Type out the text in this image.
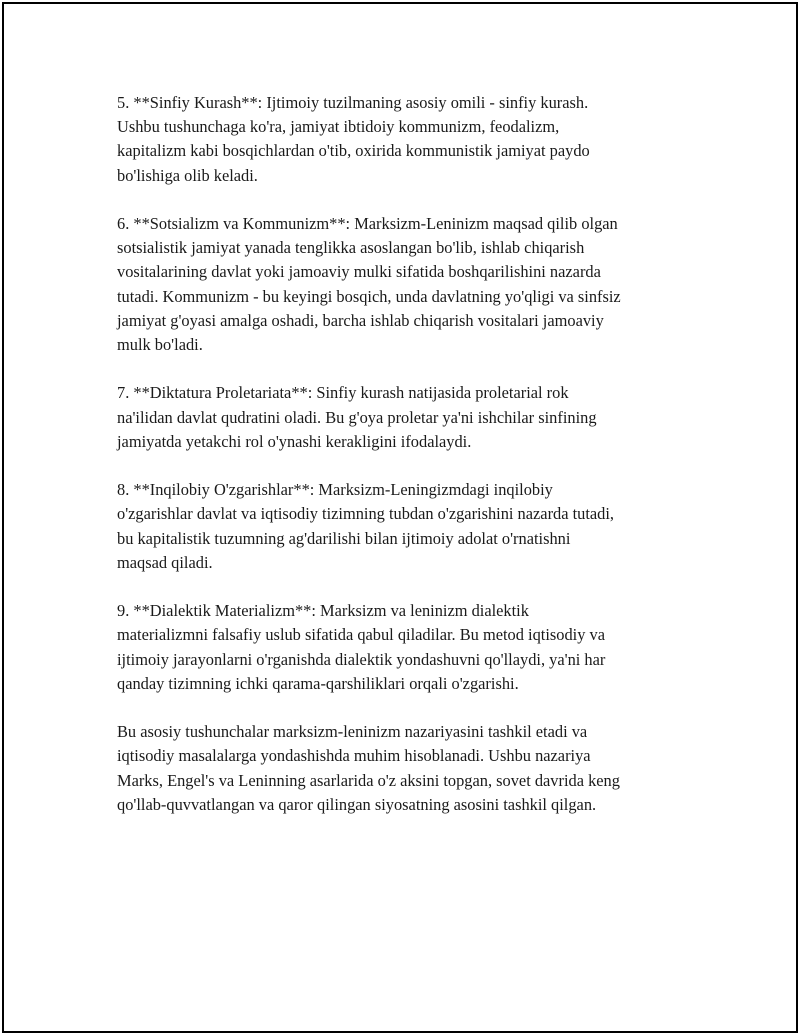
5. **Sinfiy Kurash**: Ijtimoiy tuzilmaning asosiy omili - sinfiy kurash.
Ushbu tushunchaga ko'ra, jamiyat ibtidoiy kommunizm, feodalizm,
kapitalizm kabi bosqichlardan o'tib, oxirida kommunistik jamiyat paydo
bo'lishiga olib keladi.

6. **Sotsializm va Kommunizm**: Marksizm-Leninizm maqsad qilib olgan
sotsialistik jamiyat yanada tenglikka asoslangan bo'lib, ishlab chiqarish
vositalarining davlat yoki jamoaviy mulki sifatida boshqarilishini nazarda
tutadi. Kommunizm - bu keyingi bosqich, unda davlatning yo'qligi va sinfsiz
jamiyat g'oyasi amalga oshadi, barcha ishlab chiqarish vositalari jamoaviy
mulk bo'ladi.

7. **Diktatura Proletariata**: Sinfiy kurash natijasida proletarial rok
na'ilidan davlat qudratini oladi. Bu g'oya proletar ya'ni ishchilar sinfining
jamiyatda yetakchi rol o'ynashi kerakligini ifodalaydi.

8. **Inqilobiy O'zgarishlar**: Marksizm-Leningizmdagi inqilobiy
o'zgarishlar davlat va iqtisodiy tizimning tubdan o'zgarishini nazarda tutadi,
bu kapitalistik tuzumning ag'darilishi bilan ijtimoiy adolat o'rnatishni
maqsad qiladi.

9. **Dialektik Materializm**: Marksizm va leninizm dialektik
materializmni falsafiy uslub sifatida qabul qiladilar. Bu metod iqtisodiy va
ijtimoiy jarayonlarni o'rganishda dialektik yondashuvni qo'llaydi, ya'ni har
qanday tizimning ichki qarama-qarshiliklari orqali o'zgarishi.

Bu asosiy tushunchalar marksizm-leninizm nazariyasini tashkil etadi va
iqtisodiy masalalarga yondashishda muhim hisoblanadi. Ushbu nazariya
Marks, Engel's va Leninning asarlarida o'z aksini topgan, sovet davrida keng
qo'llab-quvvatlangan va qaror qilingan siyosatning asosini tashkil qilgan.
